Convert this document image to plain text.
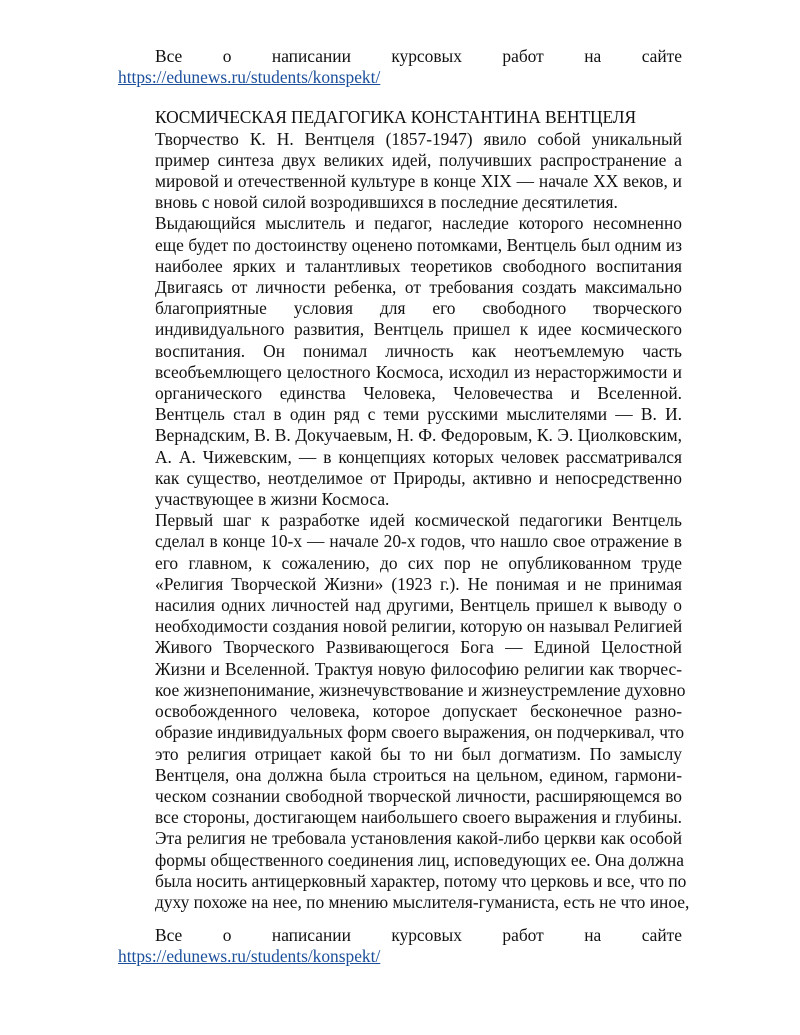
Все о написании курсовых работ на сайте

https://edunews.ru/students/konspekt/

КОСМИЧЕСКАЯ ПЕДАГОГИКА КОНСТАНТИНА ВЕНТЦЕЛЯ

Творчество К. Н. Вентцеля (1857-1947) явило собой уникальный
пример синтеза двух великих идей, получивших распространение а
мировой и отечественной культуре в конце XIX — начале XX веков, и
вновь с новой силой возродившихся в последние десятилетия.
Выдающийся мыслитель и педагог, наследие которого несомненно
еще будет по достоинству оценено потомками, Вентцель был одним из
наиболее ярких и талантливых теоретиков свободного воспитания
Двигаясь от личности ребенка, от требования создать максимально
благоприятные условия для его свободного творческого
индивидуального развития, Вентцель пришел к идее космического
воспитания. Он понимал личность как неотъемлемую часть
всеобъемлющего целостного Космоса, исходил из нерасторжимости и
органического единства Человека, Человечества и Вселенной.
Вентцель стал в один ряд с теми русскими мыслителями — В. И.
Вернадским, В. В. Докучаевым, Н. Ф. Федоровым, К. Э. Циолковским,
А. А. Чижевским, — в концепциях которых человек рассматривался
как существо, неотделимое от Природы, активно и непосредственно
участвующее в жизни Космоса.
Первый шаг к разработке идей космической педагогики Вентцель
сделал в конце 10-х — начале 20-х годов, что нашло свое отражение в
его главном, к сожалению, до сих пор не опубликованном труде
«Религия Творческой Жизни» (1923 г.). Не понимая и не принимая
насилия одних личностей над другими, Вентцель пришел к выводу о
необходимости создания новой религии, которую он называл Религией
Живого Творческого Развивающегося Бога — Единой Целостной
Жизни и Вселенной. Трактуя новую философию религии как творчес-
кое жизнепонимание, жизнечувствование и жизнеустремление духовно
освобожденного человека, которое допускает бесконечное разно-
образие индивидуальных форм своего выражения, он подчеркивал, что
это религия отрицает какой бы то ни был догматизм. По замыслу
Вентцеля, она должна была строиться на цельном, едином, гармони-
ческом сознании свободной творческой личности, расширяющемся во
все стороны, достигающем наибольшего своего выражения и глубины.
Эта религия не требовала установления какой-либо церкви как особой
формы общественного соединения лиц, исповедующих ее. Она должна
была носить антицерковный характер, потому что церковь и все, что по
духу похоже на нее, по мнению мыслителя-гуманиста, есть не что иное,

Все о написании курсовых работ на сайте

https://edunews.ru/students/konspekt/
